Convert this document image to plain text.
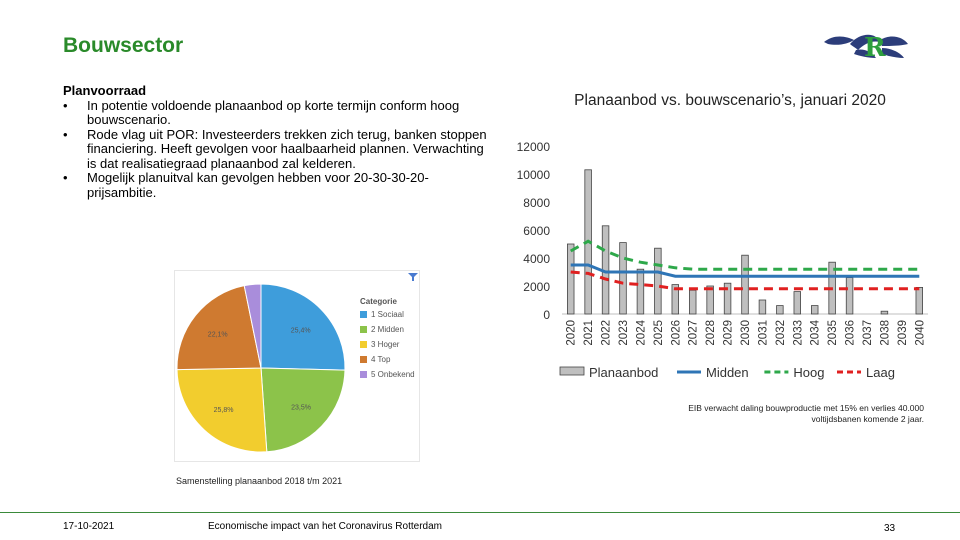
Bouwsector	R
Planvoorraad
• In potentie voldoende planaanbod op korte termijn conform hoog bouwscenario.
• Rode vlag uit POR: Investeerders trekken zich terug, banken stoppen financiering. Heeft gevolgen voor haalbaarheid plannen. Verwachting is dat realisatiegraad planaanbod zal kelderen.
• Mogelijk planuitval kan gevolgen hebben voor 20-30-30-20-prijsambitie.
Planaanbod vs. bouwscenario’s, januari 2020
0
2000
4000
6000
8000
10000
12000
2020 2021 2022 2023 2024 2025 2026 2027 2028 2029 2030 2031 2032 2033 2034 2035 2036 2037 2038 2039 2040
Planaanbod	Midden	Hoog	Laag
25,4%
23,5%
25,8%
22,1%
Categorie
1 Sociaal
2 Midden
3 Hoger
4 Top
5 Onbekend
Samenstelling planaanbod 2018 t/m 2021
EIB verwacht daling bouwproductie met 15% en verlies 40.000 voltijdsbanen komende 2 jaar.
17-10-2021	Economische impact van het Coronavirus Rotterdam	33
